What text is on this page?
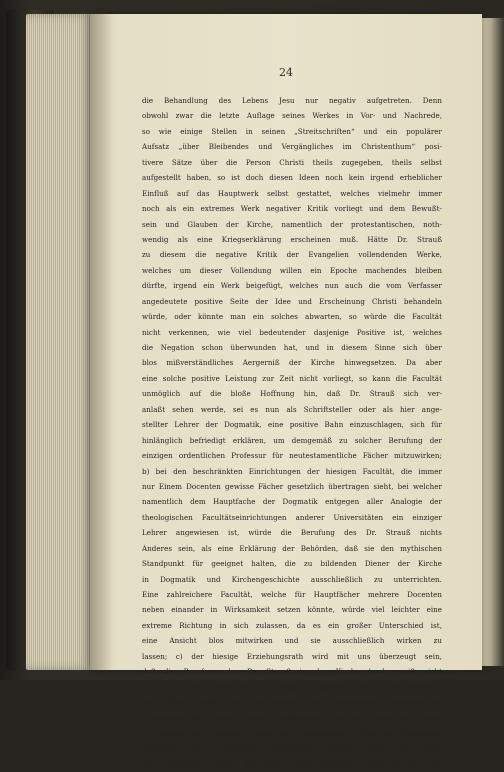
24
die Behandlung des Lebens Jesu nur negativ aufgetreten. Denn
obwohl zwar die letzte Auflage seines Werkes in Vor- und Nachrede,
so wie einige Stellen in seinen „Streitschriften“ und ein populärer
Aufsatz „über Bleibendes und Vergängliches im Christenthum“ posi-
tivere Sätze über die Person Christi theils zugegeben, theils selbst
aufgestellt haben, so ist doch diesen Ideen noch kein irgend erheblicher
Einfluß auf das Hauptwerk selbst gestattet, welches vielmehr immer
noch als ein extremes Werk negativer Kritik vorliegt und dem Bewußt-
sein und Glauben der Kirche, namentlich der protestantischen, noth-
wendig als eine Kriegserklärung erscheinen muß. Hätte Dr. Strauß
zu diesem die negative Kritik der Evangelien vollendenden Werke,
welches um dieser Vollendung willen ein Epoche machendes bleiben
dürfte, irgend ein Werk beigefügt, welches nun auch die vom Verfasser
angedeutete positive Seite der Idee und Erscheinung Christi behandeln
würde, oder könnte man ein solches abwarten, so würde die Facultät
nicht verkennen, wie viel bedeutender dasjenige Positive ist, welches
die Negation schon überwunden hat, und in diesem Sinne sich über
blos mißverständliches Aergerniß der Kirche hinwegsetzen. Da aber
eine solche positive Leistung zur Zeit nicht vorliegt, so kann die Facultät
unmöglich auf die bloße Hoffnung hin, daß Dr. Strauß sich ver-
anlaßt sehen werde, sei es nun als Schriftsteller oder als hier ange-
stellter Lehrer der Dogmatik, eine positive Bahn einzuschlagen, sich für
hinlänglich befriedigt erklären, um demgemäß zu solcher Berufung der
einzigen ordentlichen Professur für neutestamentliche Fächer mitzuwirken;
b) bei den beschränkten Einrichtungen der hiesigen Facultät, die immer
nur Einem Docenten gewisse Fächer gesetzlich übertragen sieht, bei welcher
namentlich dem Hauptfache der Dogmatik entgegen aller Analogie der
theologischen Facultätseinrichtungen anderer Universitäten ein einziger
Lehrer angewiesen ist, würde die Berufung des Dr. Strauß nichts
Anderes sein, als eine Erklärung der Behörden, daß sie den mythischen
Standpunkt für geeignet halten, die zu bildenden Diener der Kirche
in Dogmatik und Kirchengeschichte ausschließlich zu unterrichten.
Eine zahlreichere Facultät, welche für Hauptfächer mehrere Docenten
neben einander in Wirksamkeit setzen könnte, würde viel leichter eine
extreme Richtung in sich zulassen, da es ein großer Unterschied ist,
eine Ansicht blos mitwirken und sie ausschließlich wirken zu
lassen; c) der hiesige Erziehungsrath wird mit uns überzeugt sein,
daß die Berufung des Dr. Strauß in der Kirche (und gewiß nicht
nur unter den Geistlichen) ein großes Aergerniß geben muß, vielleicht
eine offene, selbst den Fortbestand einer gemeinsamen theologischen
Lehranstalt für unsern Kanton gefährdende Spaltung hervorrufen wird,
in welcher die Frommen leicht alle Wissenschaft, Viele der Aufklärung
Suchenden alle Frömmigkeit verschmähen würden. Denn auch wenn
eine aufregende Reform der Kirche nicht geschehen würde, so läßt sich
